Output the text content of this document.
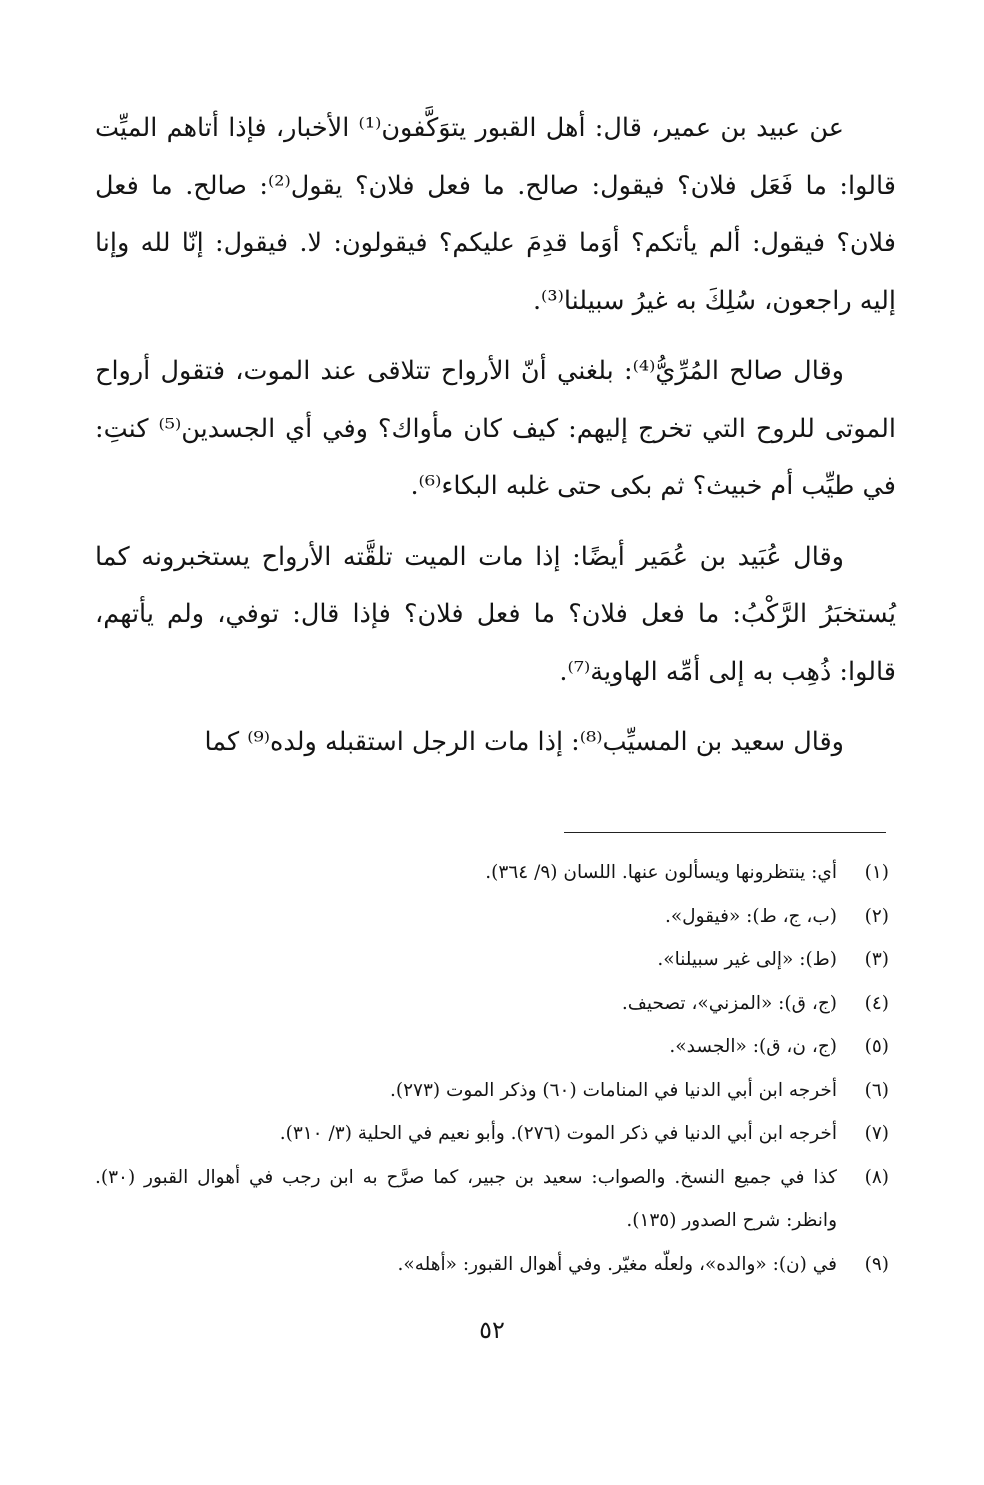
عن عبيد بن عمير، قال: أهل القبور يتوَكَّفون⁽¹⁾ الأخبار، فإذا أتاهم الميِّت قالوا: ما فَعَل فلان؟ فيقول: صالح. ما فعل فلان؟ يقول⁽²⁾: صالح. ما فعل فلان؟ فيقول: ألم يأتكم؟ أوَما قدِمَ عليكم؟ فيقولون: لا. فيقول: إنّا لله وإنا إليه راجعون، سُلِكَ به غيرُ سبيلنا⁽³⁾.

وقال صالح المُرِّيُّ⁽⁴⁾: بلغني أنّ الأرواح تتلاقى عند الموت، فتقول أرواح الموتى للروح التي تخرج إليهم: كيف كان مأواك؟ وفي أي الجسدين⁽⁵⁾ كنتِ: في طيِّب أم خبيث؟ ثم بكى حتى غلبه البكاء⁽⁶⁾.

وقال عُبَيد بن عُمَير أيضًا: إذا مات الميت تلقَّته الأرواح يستخبرونه كما يُستخبَرُ الرَّكْبُ: ما فعل فلان؟ ما فعل فلان؟ فإذا قال: توفي، ولم يأتهم، قالوا: ذُهِب به إلى أمِّه الهاوية⁽⁷⁾.

وقال سعيد بن المسيِّب⁽⁸⁾: إذا مات الرجل استقبله ولده⁽⁹⁾ كما

(١)
أي: ينتظرونها ويسألون عنها. اللسان (٩/ ٣٦٤).
(٢)
(ب، ج، ط): «فيقول».
(٣)
(ط): «إلى غير سبيلنا».
(٤)
(ج، ق): «المزني»، تصحيف.
(٥)
(ج، ن، ق): «الجسد».
(٦)
أخرجه ابن أبي الدنيا في المنامات (٦٠) وذكر الموت (٢٧٣).
(٧)
أخرجه ابن أبي الدنيا في ذكر الموت (٢٧٦). وأبو نعيم في الحلية (٣/ ٣١٠).
(٨)
كذا في جميع النسخ. والصواب: سعيد بن جبير، كما صرَّح به ابن رجب في أهوال القبور (٣٠). وانظر: شرح الصدور (١٣٥).
(٩)
في (ن): «والده»، ولعلّه مغيّر. وفي أهوال القبور: «أهله».
٥٢
